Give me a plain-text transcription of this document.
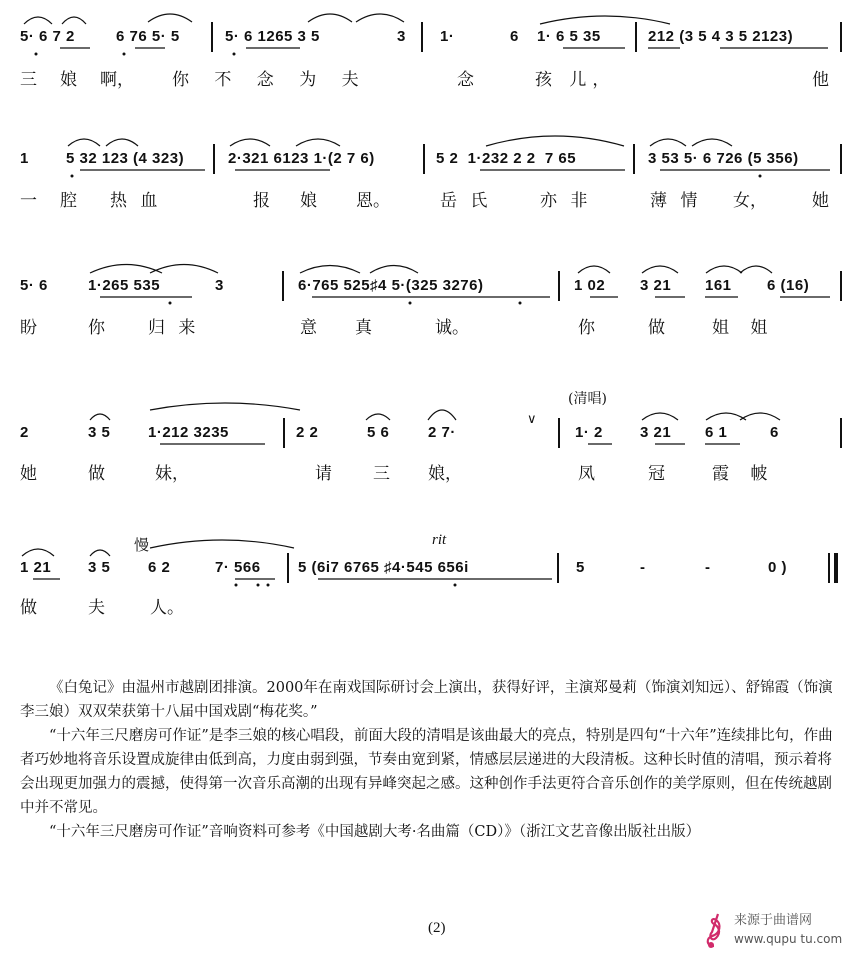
5· 6 7 2	6 76 5· 5	5· 6 1265 3 5	3 1·	6 1· 6 5 35	212 (3 5 4 3 5 2123)
三 娘 啊， 你 不 念 为 夫	念	孩 儿，	他
1 5 32 123 (4 323)	2·321 6123 1·(2 7 6)	5 2  1·232 2 2  7 65	3 53 5· 6 726 (5 356)
一 腔 热 血	报 娘 恩。	岳 氏	亦 非	薄 情 女，	她
5· 6	1·265 535	3	6·765 525♯4 5·(325 3276)	1 02 3 21 161 6 (16)
盼	你	归 来	意 真	诚。	你	做	姐 姐
(清唱)
2	3 5	1·212 3235	2 2	5 6	2 7·
∨
1· 2 3 21 6 1	6
她	做	妹，	请 三 娘，	凤	冠	霞 帔
慢	rit
1 21 3 5	6 2	7· 566 5 (6i7 6765 ♯4·545 656i	5	-	-	0 )
做	夫	人。

《白兔记》由温州市越剧团排演。2000年在南戏国际研讨会上演出，获得好评，主演郑曼莉（饰演刘知远）、舒锦霞（饰演李三娘）双双荣获第十八届中国戏剧“梅花奖。”

“十六年三尺磨房可作证”是李三娘的核心唱段，前面大段的清唱是该曲最大的亮点，特别是四句“十六年”连续排比句，作曲者巧妙地将音乐设置成旋律由低到高，力度由弱到强，节奏由宽到紧，情感层层递进的大段清板。这种长时值的清唱，预示着将会出现更加强力的震撼，使得第一次音乐高潮的出现有异峰突起之感。这种创作手法更符合音乐创作的美学原则，但在传统越剧中并不常见。

“十六年三尺磨房可作证”音响资料可参考《中国越剧大考·名曲篇（CD）》（浙江文艺音像出版社出版）

(2)	来源于曲谱网
www.qupu tu.com
